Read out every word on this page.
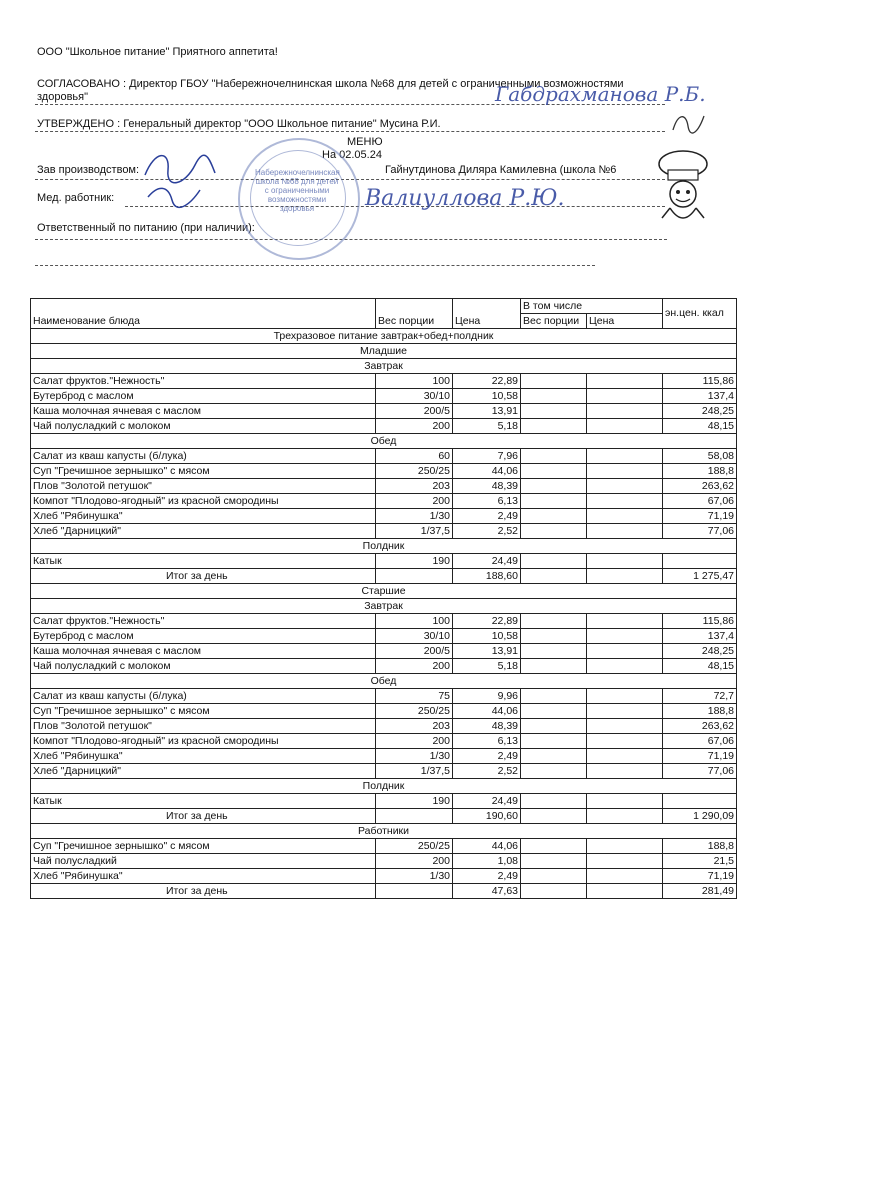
ООО "Школьное питание" Приятного аппетита!
СОГЛАСОВАНО : Директор ГБОУ "Набережночелнинская школа №68 для детей с ограниченными возможностями
здоровья"
УТВЕРЖДЕНО : Генеральный директор "ООО Школьное питание" Мусина Р.И.
МЕНЮ
На 02.05.24
Зав производством:	Гайнутдинова Диляра Камилевна (школа №6
Мед. работник:
Ответственный по питанию (при наличии):
Набережночелнинская школа №68 для детей с ограниченными возможностями здоровья
Габдрахманова Р.Б.
Валиуллова Р.Ю.
Наименование блюда	Вес порции	Цена	В том числе		эн.цен. ккал
			Вес порции	Цена	
Трехразовое питание завтрак+обед+полдник					
Младшие					
Завтрак					
Салат фруктов."Нежность"	100	22,89			115,86
Бутерброд с маслом	30/10	10,58			137,4
Каша молочная ячневая с маслом	200/5	13,91			248,25
Чай полусладкий с молоком	200	5,18			48,15
Обед					
Салат из кваш капусты (б/лука)	60	7,96			58,08
Суп "Гречишное зернышко" с мясом	250/25	44,06			188,8
Плов "Золотой петушок"	203	48,39			263,62
Компот "Плодово-ягодный" из красной смородины	200	6,13			67,06
Хлеб "Рябинушка"	1/30	2,49			71,19
Хлеб "Дарницкий"	1/37,5	2,52			77,06
Полдник					
Катык	190	24,49			
Итог за день		188,60			1 275,47
Старшие					
Завтрак					
Салат фруктов."Нежность"	100	22,89			115,86
Бутерброд с маслом	30/10	10,58			137,4
Каша молочная ячневая с маслом	200/5	13,91			248,25
Чай полусладкий с молоком	200	5,18			48,15
Обед					
Салат из кваш капусты (б/лука)	75	9,96			72,7
Суп "Гречишное зернышко" с мясом	250/25	44,06			188,8
Плов "Золотой петушок"	203	48,39			263,62
Компот "Плодово-ягодный" из красной смородины	200	6,13			67,06
Хлеб "Рябинушка"	1/30	2,49			71,19
Хлеб "Дарницкий"	1/37,5	2,52			77,06
Полдник					
Катык	190	24,49			
Итог за день		190,60			1 290,09
Работники					
Суп "Гречишное зернышко" с мясом	250/25	44,06			188,8
Чай полусладкий	200	1,08			21,5
Хлеб "Рябинушка"	1/30	2,49			71,19
Итог за день		47,63			281,49
